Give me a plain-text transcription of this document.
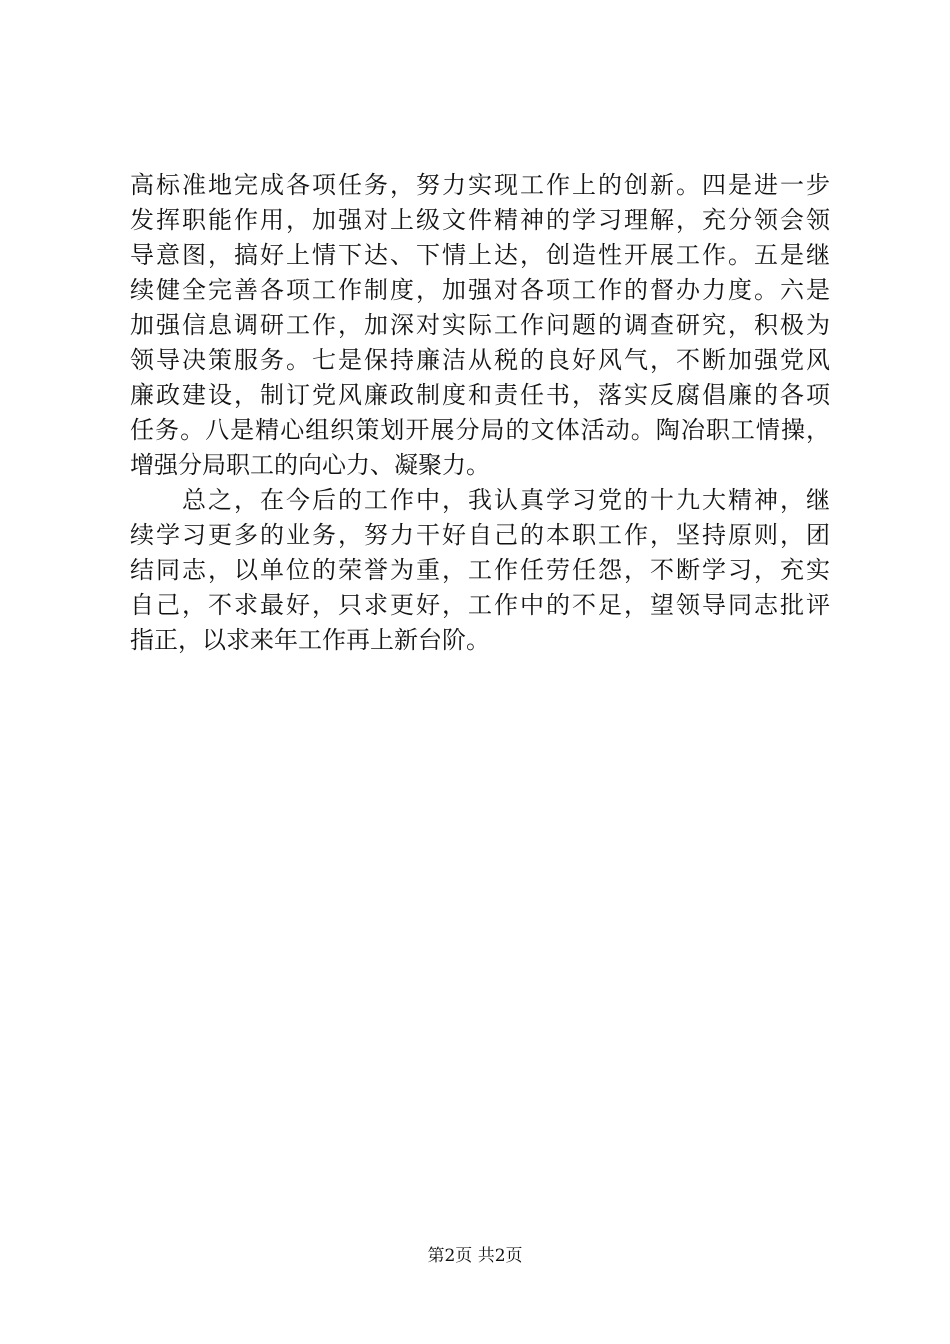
高标准地完成各项任务，努力实现工作上的创新。四是进一步
发挥职能作用，加强对上级文件精神的学习理解，充分领会领
导意图，搞好上情下达、下情上达，创造性开展工作。五是继
续健全完善各项工作制度，加强对各项工作的督办力度。六是
加强信息调研工作，加深对实际工作问题的调查研究，积极为
领导决策服务。七是保持廉洁从税的良好风气，不断加强党风
廉政建设，制订党风廉政制度和责任书，落实反腐倡廉的各项
任务。八是精心组织策划开展分局的文体活动。陶冶职工情操，
增强分局职工的向心力、凝聚力。
　　总之，在今后的工作中，我认真学习党的十九大精神，继
续学习更多的业务，努力干好自己的本职工作，坚持原则，团
结同志，以单位的荣誉为重，工作任劳任怨，不断学习，充实
自己，不求最好，只求更好，工作中的不足，望领导同志批评
指正，以求来年工作再上新台阶。
第2页 共2页
